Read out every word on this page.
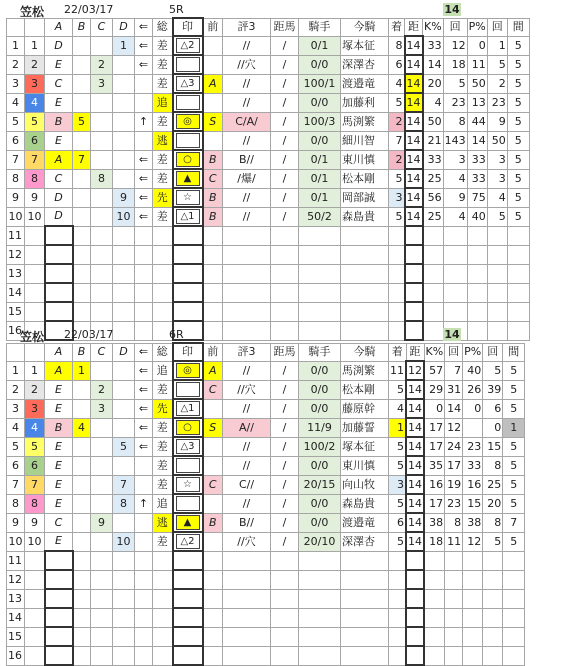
笠松 22/03/17	5R	14
		A	B	C	D	⇐	総	印	前	評3	距馬	騎手	今騎	着	距	K%	回	P%	回	間
1	1	D			1	⇐	差	△2		//	/	0/1	塚本征	8	14	33	12	0	1	5
2	2	E		2		⇐	差			//穴	/	0/0	深澤杏	6	14	14	18	11	5	5
3	3	C		3			差	△3	A	//	/	100/1	渡邉竜	4	14	20	5	50	2	5
4	4	E					追			//	/	0/0	加藤利	5	14	4	23	13	23	5
5	5	B	5			↑	差	◎	S	C/A/	/	100/3	馬渕繁	2	14	50	8	44	9	5
6	6	E					逃			//	/	0/0	細川智	7	14	21	143	14	50	5
7	7	A	7			⇐	差	○	B	B//	/	0/1	東川慎	2	14	33	3	33	3	5
8	8	C		8		⇐	差	▲	C	/爆/	/	0/1	松本剛	5	14	25	4	33	3	5
9	9	D			9	⇐	先	☆	B	//	/	0/1	岡部誠	3	14	56	9	75	4	5
10	10	D			10	⇐	差	△1	B	//	/	50/2	森島貴	5	14	25	4	40	5	5
11																				
12																				
13																				
14																				
15																				
16																				
笠松 22/03/17	6R	14
		A	B	C	D	⇐	総	印	前	評3	距馬	騎手	今騎	着	距	K%	回	P%	回	間
1	1	A	1			⇐	追	◎	A	//	/	0/0	馬渕繁	11	12	57	7	40	5	5
2	2	E		2		⇐	差		C	//穴	/	0/0	松本剛	5	14	29	31	26	39	5
3	3	E		3		⇐	先	△1		//	/	0/0	藤原幹	4	14	0	14	0	6	5
4	4	B	4			⇐	差	○	S	A//	/	11/9	加藤誓	1	14	17	12		0	1
5	5	E			5	⇐	差	△3		//	/	100/2	塚本征	5	14	17	24	23	15	5
6	6	E					差			//	/	0/0	東川慎	5	14	35	17	33	8	5
7	7	E			7		差	☆	C	C//	/	20/15	向山牧	3	14	16	19	16	25	5
8	8	E			8	↑	追			//	/	0/0	森島貴	5	14	17	23	15	20	5
9	9	C		9			逃	▲	B	B//	/	0/0	渡邉竜	6	14	38	8	38	8	7
10	10	E			10		差	△2		//穴	/	20/10	深澤杏	5	14	18	11	12	5	5
11																				
12																				
13																				
14																				
15																				
16																				
